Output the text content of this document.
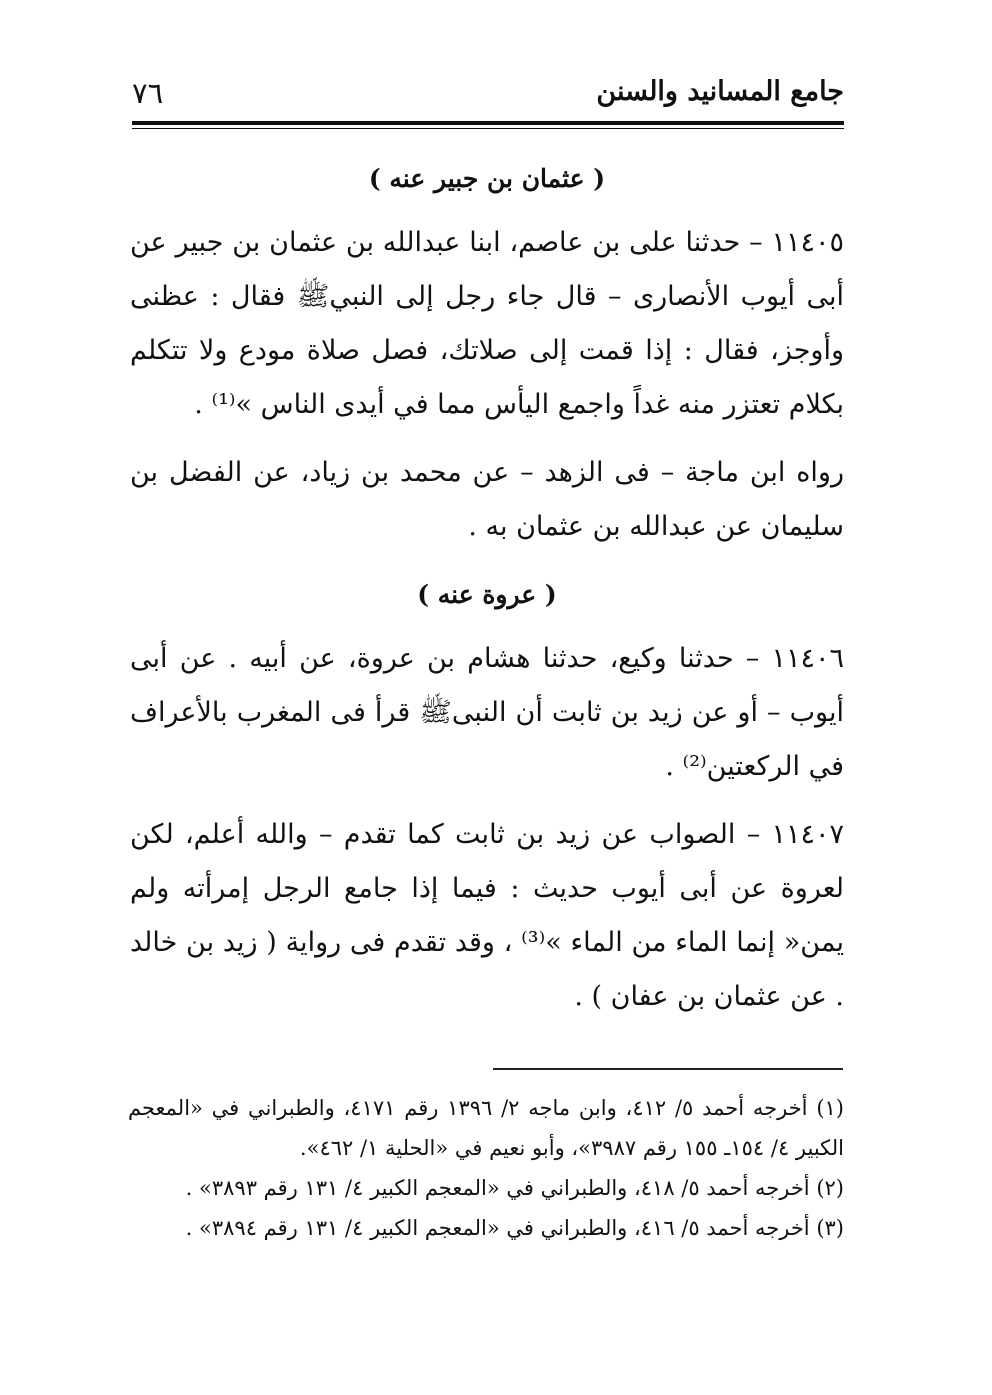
جامع المسانيد والسنن
٧٦
( عثمان بن جبير عنه )

١١٤٠٥ – حدثنا على بن عاصم، ابنا عبدالله بن عثمان بن جبير عن أبى أيوب الأنصارى – قال جاء رجل إلى النبيﷺ فقال : عظنى وأوجز، فقال : إذا قمت إلى صلاتك، فصل صلاة مودع ولا تتكلم بكلام تعتزر منه غداً واجمع اليأس مما في أيدى الناس »⁽¹⁾ .

رواه ابن ماجة – فى الزهد – عن محمد بن زياد، عن الفضل بن سليمان عن عبدالله بن عثمان به .

( عروة عنه )

١١٤٠٦ – حدثنا وكيع، حدثنا هشام بن عروة، عن أبيه . عن أبى أيوب – أو عن زيد بن ثابت أن النبىﷺ قرأ فى المغرب بالأعراف في الركعتين⁽²⁾ .

١١٤٠٧ – الصواب عن زيد بن ثابت كما تقدم – والله أعلم، لكن لعروة عن أبى أيوب حديث : فيما إذا جامع الرجل إمرأته ولم يمن« إنما الماء من الماء »⁽³⁾ ، وقد تقدم فى رواية ( زيد بن خالد . عن عثمان بن عفان ) .

(١) أخرجه أحمد ٥/ ٤١٢، وابن ماجه ٢/ ١٣٩٦ رقم ٤١٧١، والطبراني في «المعجم الكبير ٤/ ١٥٤ـ ١٥٥ رقم ٣٩٨٧»، وأبو نعيم في «الحلية ١/ ٤٦٢».

(٢) أخرجه أحمد ٥/ ٤١٨، والطبراني في «المعجم الكبير ٤/ ١٣١ رقم ٣٨٩٣» .

(٣) أخرجه أحمد ٥/ ٤١٦، والطبراني في «المعجم الكبير ٤/ ١٣١ رقم ٣٨٩٤» .
